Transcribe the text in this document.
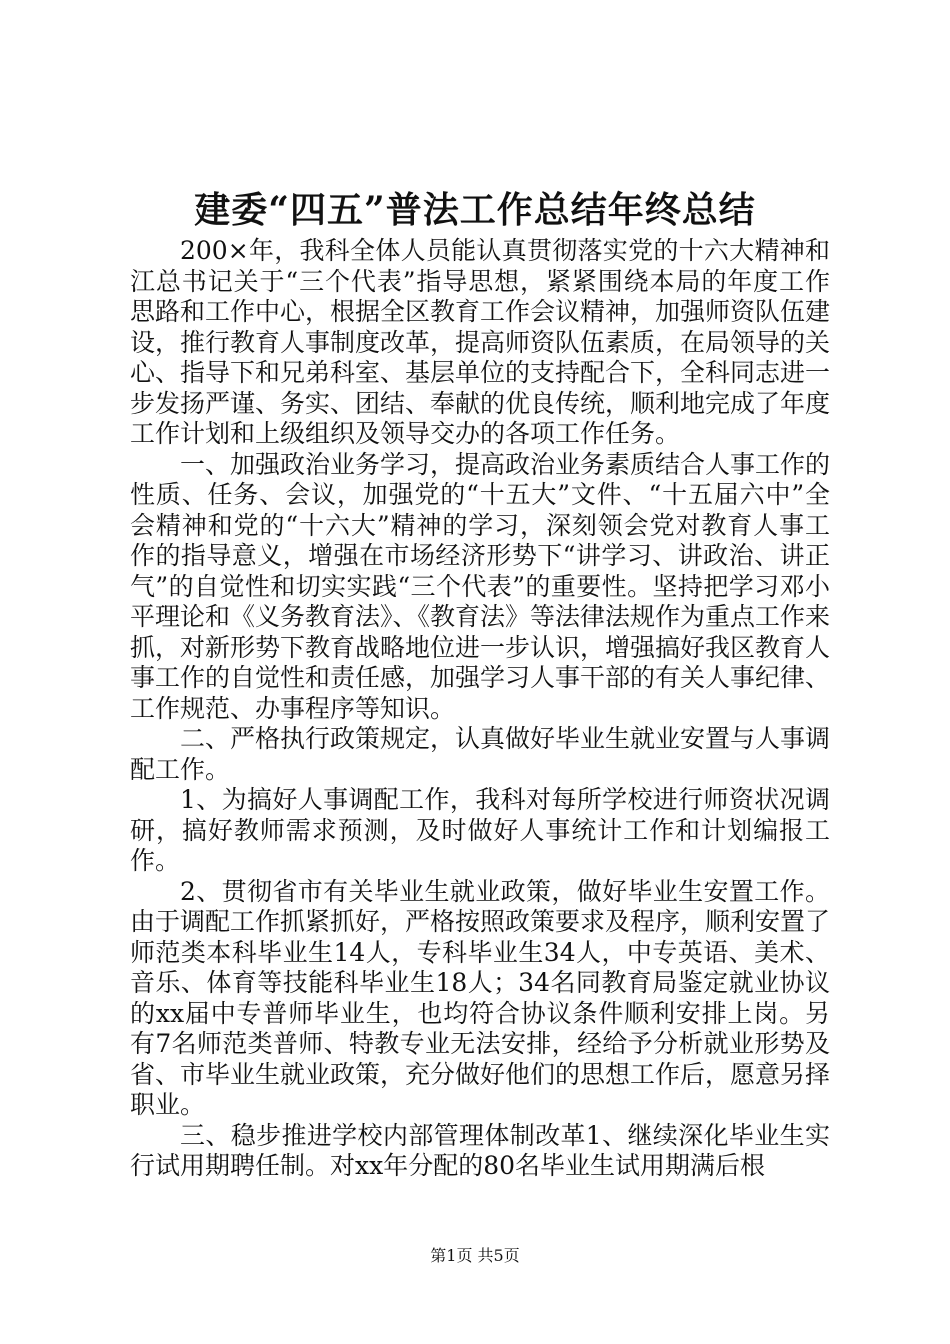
建委“四五”普法工作总结年终总结

200×年，我科全体人员能认真贯彻落实党的十六大精神和江总书记关于“三个代表”指导思想，紧紧围绕本局的年度工作思路和工作中心，根据全区教育工作会议精神，加强师资队伍建设，推行教育人事制度改革，提高师资队伍素质，在局领导的关心、指导下和兄弟科室、基层单位的支持配合下，全科同志进一步发扬严谨、务实、团结、奉献的优良传统，顺利地完成了年度工作计划和上级组织及领导交办的各项工作任务。

一、加强政治业务学习，提高政治业务素质结合人事工作的性质、任务、会议，加强党的“十五大”文件、“十五届六中”全会精神和党的“十六大”精神的学习，深刻领会党对教育人事工作的指导意义，增强在市场经济形势下“讲学习、讲政治、讲正气”的自觉性和切实实践“三个代表”的重要性。坚持把学习邓小平理论和《义务教育法》、《教育法》等法律法规作为重点工作来抓，对新形势下教育战略地位进一步认识，增强搞好我区教育人事工作的自觉性和责任感，加强学习人事干部的有关人事纪律、工作规范、办事程序等知识。

二、严格执行政策规定，认真做好毕业生就业安置与人事调配工作。

1、为搞好人事调配工作，我科对每所学校进行师资状况调研，搞好教师需求预测，及时做好人事统计工作和计划编报工作。

2、贯彻省市有关毕业生就业政策，做好毕业生安置工作。由于调配工作抓紧抓好，严格按照政策要求及程序，顺利安置了师范类本科毕业生14人，专科毕业生34人，中专英语、美术、音乐、体育等技能科毕业生18人；34名同教育局鉴定就业协议的xx届中专普师毕业生，也均符合协议条件顺利安排上岗。另有7名师范类普师、特教专业无法安排，经给予分析就业形势及省、市毕业生就业政策，充分做好他们的思想工作后，愿意另择职业。

三、稳步推进学校内部管理体制改革1、继续深化毕业生实行试用期聘任制。对xx年分配的80名毕业生试用期满后根

第1页 共5页
